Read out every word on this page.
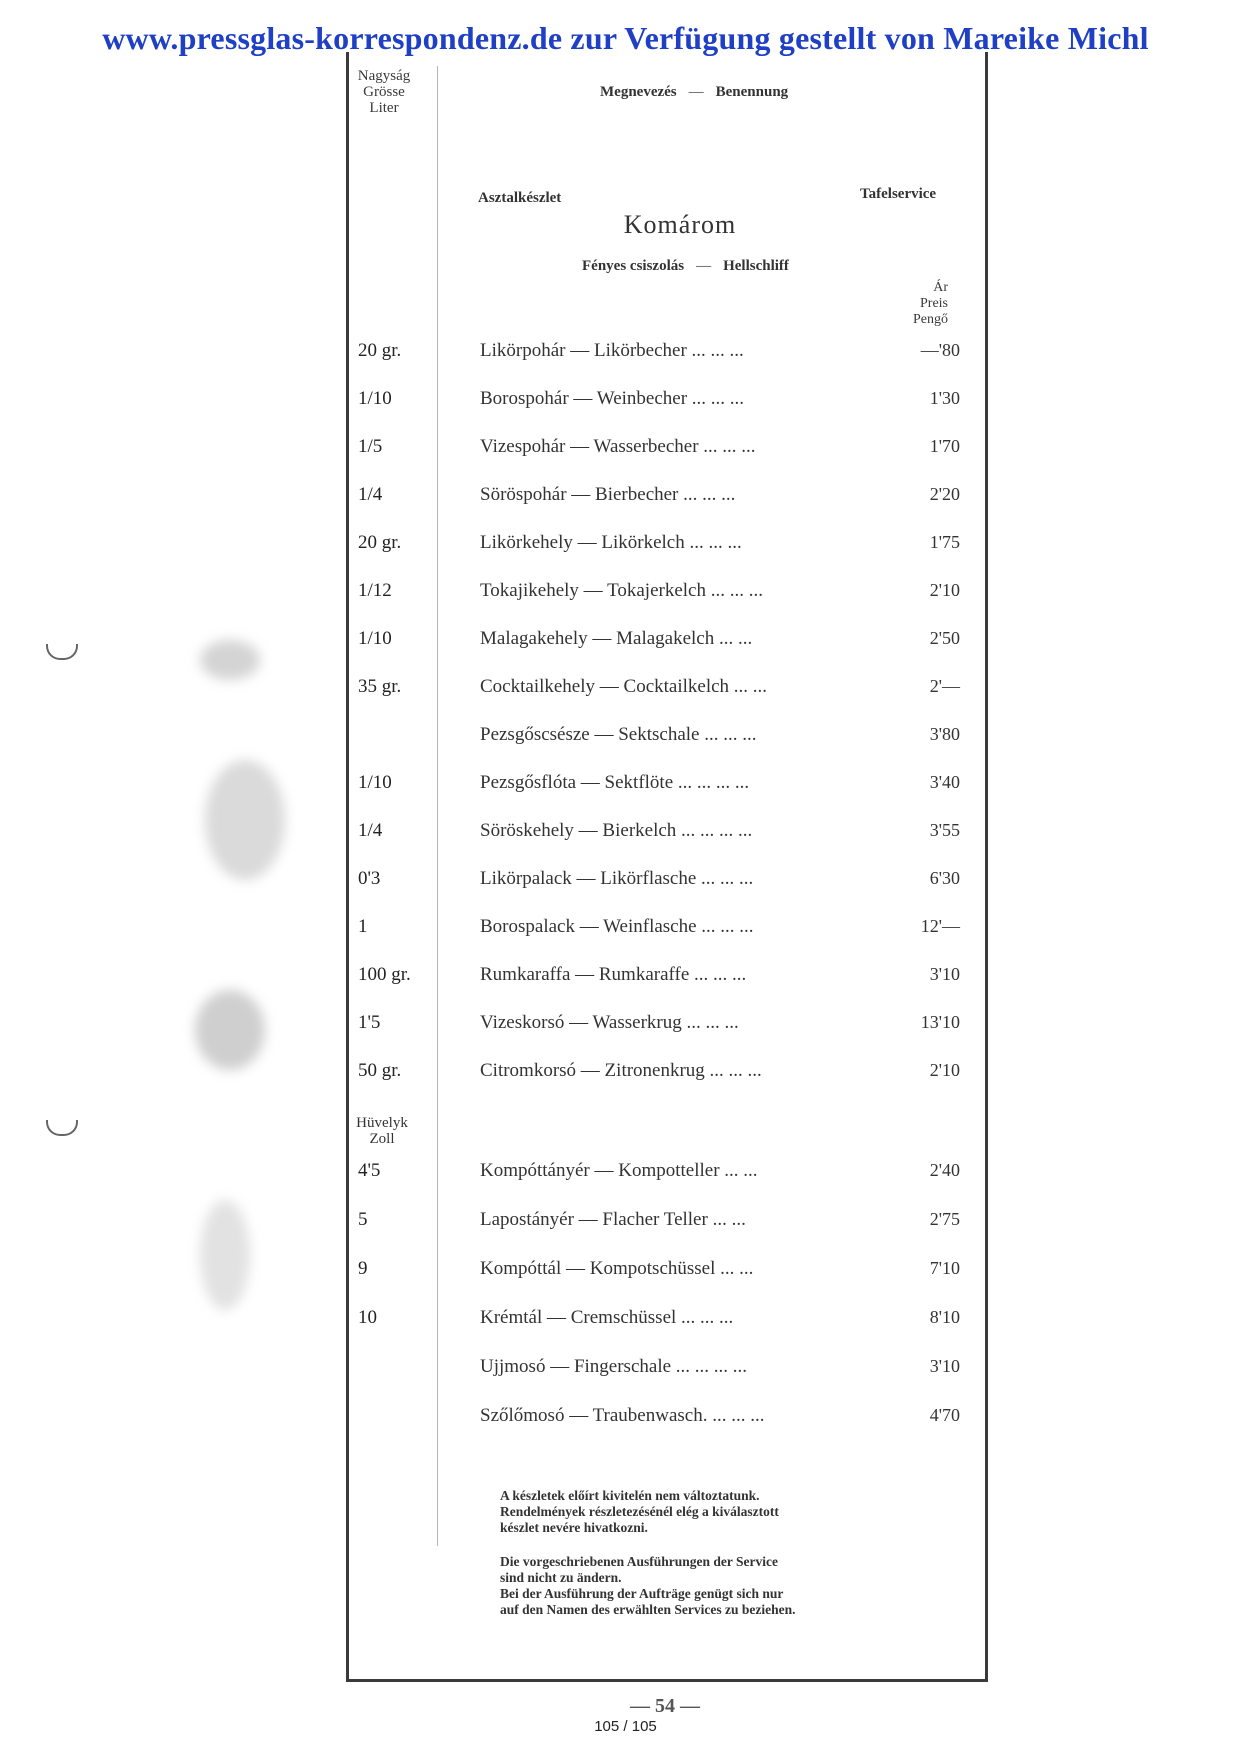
www.pressglas-korrespondenz.de zur Verfügung gestellt von Mareike Michl
Nagyság
Grösse
Liter
Megnevezés — Benennung
Asztalkészlet	Tafelservice
Komárom
Fényes csiszolás — Hellschliff
Ár
Preis
Pengő
20 gr.	Likörpohár — Likörbecher ... ... ...	—'80
1/10	Borospohár — Weinbecher ... ... ...	1'30
1/5	Vizespohár — Wasserbecher ... ... ...	1'70
1/4	Söröspohár — Bierbecher ... ... ...	2'20
20 gr.	Likörkehely — Likörkelch ... ... ...	1'75
1/12	Tokajikehely — Tokajerkelch ... ... ...	2'10
1/10	Malagakehely — Malagakelch ... ...	2'50
35 gr.	Cocktailkehely — Cocktailkelch ... ...	2'—
Pezsgőscsésze — Sektschale ... ... ...	3'80
1/10	Pezsgősflóta — Sektflöte ... ... ... ...	3'40
1/4	Söröskehely — Bierkelch ... ... ... ...	3'55
0'3	Likörpalack — Likörflasche ... ... ...	6'30
1	Borospalack — Weinflasche ... ... ...	12'—
100 gr.	Rumkaraffa — Rumkaraffe ... ... ...	3'10
1'5	Vizeskorsó — Wasserkrug ... ... ...	13'10
50 gr.	Citromkorsó — Zitronenkrug ... ... ...	2'10
Hüvelyk
Zoll
4'5	Kompóttányér — Kompotteller ... ...	2'40
5	Lapostányér — Flacher Teller ... ...	2'75
9	Kompóttál — Kompotschüssel ... ...	7'10
10	Krémtál — Cremschüssel ... ... ...	8'10
Ujjmosó — Fingerschale ... ... ... ...	3'10
Szőlőmosó — Traubenwasch. ... ... ...	4'70
A készletek előírt kivitelén nem változtatunk.
Rendelmények részletezésénél elég a kiválasztott
készlet nevére hivatkozni.
Die vorgeschriebenen Ausführungen der Service
sind nicht zu ändern.
Bei der Ausführung der Aufträge genügt sich nur
auf den Namen des erwählten Services zu beziehen.
— 54 —
105 / 105
